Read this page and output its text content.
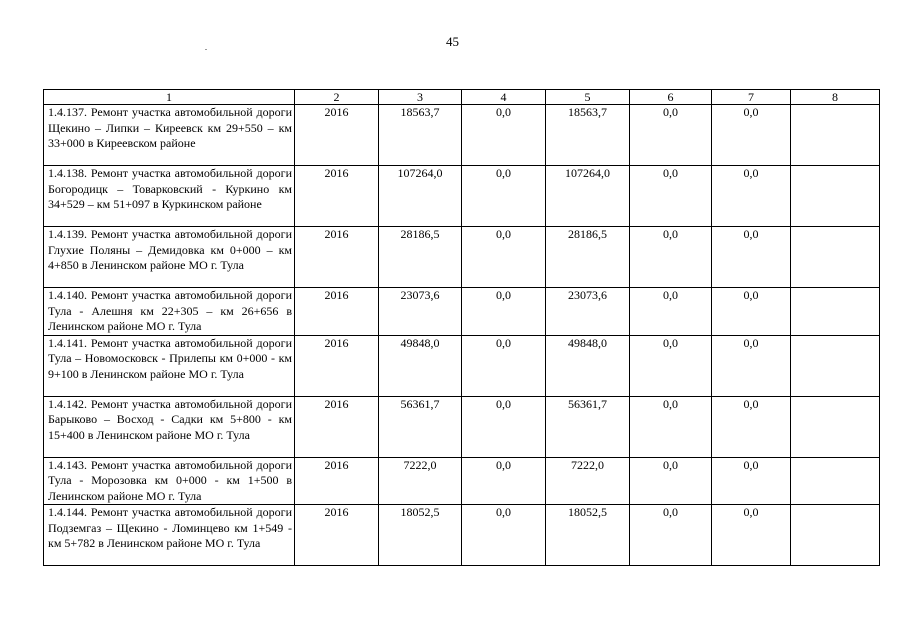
45
1	2	3	4	5	6	7	8
1.4.137. Ремонт участка автомобильной дороги Щекино – Липки – Киреевск км 29+550 – км 33+000 в Киреевском районе	2016	18563,7	0,0	18563,7	0,0	0,0	
1.4.138. Ремонт участка автомобильной дороги Богородицк – Товарковский - Куркино км 34+529 – км 51+097 в Куркинском районе	2016	107264,0	0,0	107264,0	0,0	0,0	
1.4.139. Ремонт участка автомобильной дороги Глухие Поляны – Демидовка км 0+000 – км 4+850 в Ленинском районе МО г. Тула	2016	28186,5	0,0	28186,5	0,0	0,0	
1.4.140. Ремонт участка автомобильной дороги Тула - Алешня км 22+305 – км 26+656 в Ленинском районе МО г. Тула	2016	23073,6	0,0	23073,6	0,0	0,0	
1.4.141. Ремонт участка автомобильной дороги Тула – Новомосковск - Прилепы км 0+000 - км 9+100 в Ленинском районе МО г. Тула	2016	49848,0	0,0	49848,0	0,0	0,0	
1.4.142. Ремонт участка автомобильной дороги Барыково – Восход - Садки км 5+800 - км 15+400 в Ленинском районе МО г. Тула	2016	56361,7	0,0	56361,7	0,0	0,0	
1.4.143. Ремонт участка автомобильной дороги Тула - Морозовка км 0+000 - км 1+500 в Ленинском районе МО г. Тула	2016	7222,0	0,0	7222,0	0,0	0,0	
1.4.144. Ремонт участка автомобильной дороги Подземгаз – Щекино - Ломинцево км 1+549 - км 5+782 в Ленинском районе МО г. Тула	2016	18052,5	0,0	18052,5	0,0	0,0	
